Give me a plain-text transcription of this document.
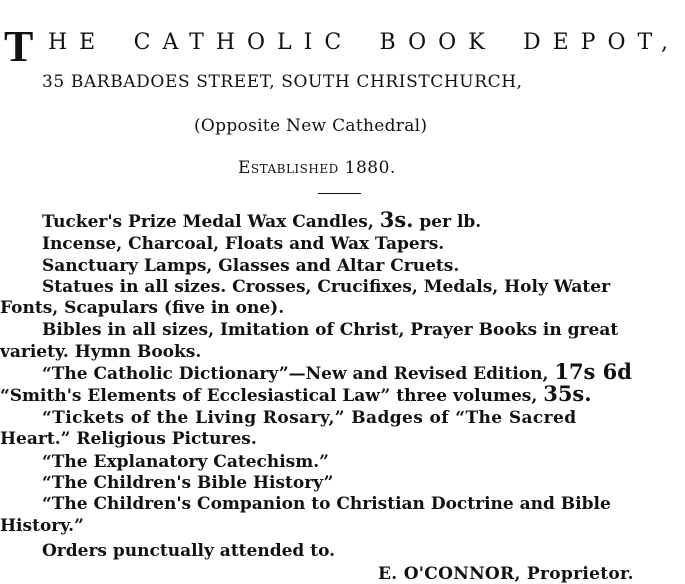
T HE CATHOLIC BOOK DEPOT,
35 BARBADOES STREET, SOUTH CHRISTCHURCH,
(Opposite New Cathedral)
Established 1880.
Tucker's Prize Medal Wax Candles, 3s. per lb.
Incense, Charcoal, Floats and Wax Tapers.
Sanctuary Lamps, Glasses and Altar Cruets.
Statues in all sizes. Crosses, Crucifixes, Medals, Holy Water
Fonts, Scapulars (five in one).
Bibles in all sizes, Imitation of Christ, Prayer Books in great
variety. Hymn Books.
“The Catholic Dictionary”—New and Revised Edition, 17s 6d
“Smith's Elements of Ecclesiastical Law” three volumes, 35s.
“Tickets of the Living Rosary,” Badges of “The Sacred
Heart.” Religious Pictures.
“The Explanatory Catechism.”
“The Children's Bible History”
“The Children's Companion to Christian Doctrine and Bible
History.”
Orders punctually attended to.
E. O'CONNOR, Proprietor.
